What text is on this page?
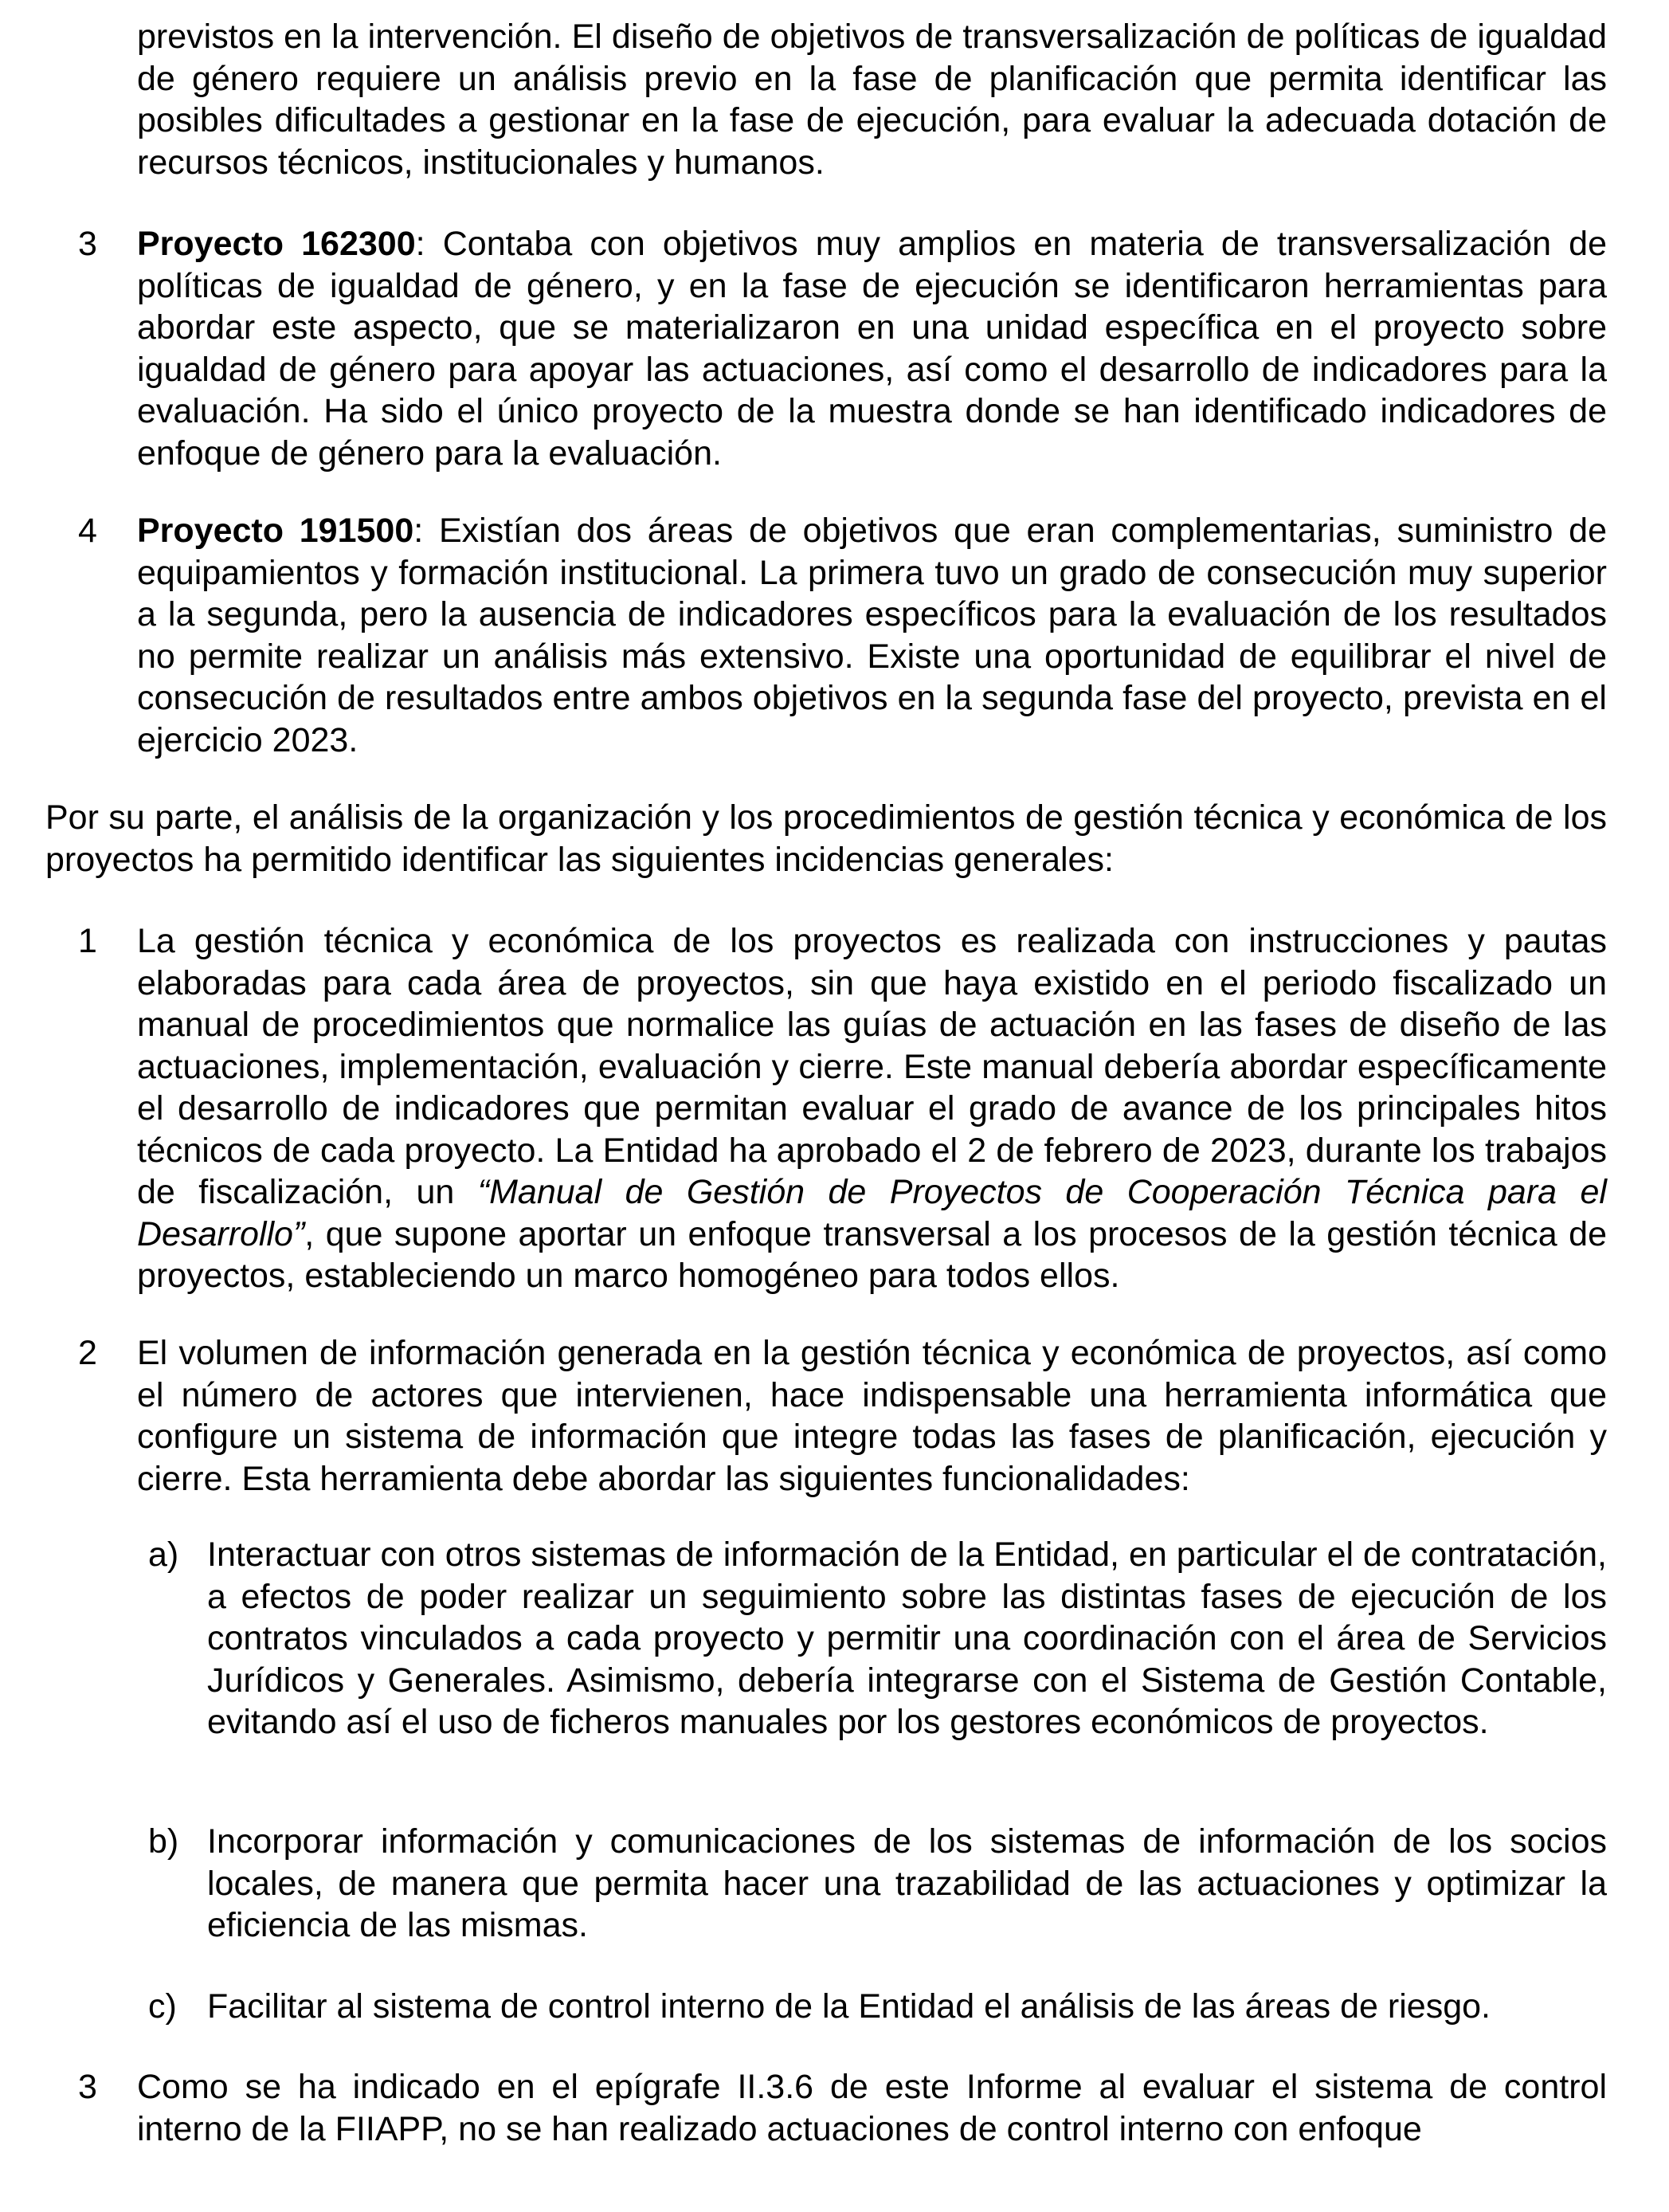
previstos en la intervención. El diseño de objetivos de transversalización de políticas de igualdad de género requiere un análisis previo en la fase de planificación que permita identificar las posibles dificultades a gestionar en la fase de ejecución, para evaluar la adecuada dotación de recursos técnicos, institucionales y humanos.
3 Proyecto 162300: Contaba con objetivos muy amplios en materia de transversalización de políticas de igualdad de género, y en la fase de ejecución se identificaron herramientas para abordar este aspecto, que se materializaron en una unidad específica en el proyecto sobre igualdad de género para apoyar las actuaciones, así como el desarrollo de indicadores para la evaluación. Ha sido el único proyecto de la muestra donde se han identificado indicadores de enfoque de género para la evaluación.
4 Proyecto 191500: Existían dos áreas de objetivos que eran complementarias, suministro de equipamientos y formación institucional. La primera tuvo un grado de consecución muy superior a la segunda, pero la ausencia de indicadores específicos para la evaluación de los resultados no permite realizar un análisis más extensivo. Existe una oportunidad de equilibrar el nivel de consecución de resultados entre ambos objetivos en la segunda fase del proyecto, prevista en el ejercicio 2023.
Por su parte, el análisis de la organización y los procedimientos de gestión técnica y económica de los proyectos ha permitido identificar las siguientes incidencias generales:
1 La gestión técnica y económica de los proyectos es realizada con instrucciones y pautas elaboradas para cada área de proyectos, sin que haya existido en el periodo fiscalizado un manual de procedimientos que normalice las guías de actuación en las fases de diseño de las actuaciones, implementación, evaluación y cierre. Este manual debería abordar específicamente el desarrollo de indicadores que permitan evaluar el grado de avance de los principales hitos técnicos de cada proyecto. La Entidad ha aprobado el 2 de febrero de 2023, durante los trabajos de fiscalización, un “Manual de Gestión de Proyectos de Cooperación Técnica para el Desarrollo”, que supone aportar un enfoque transversal a los procesos de la gestión técnica de proyectos, estableciendo un marco homogéneo para todos ellos.
2 El volumen de información generada en la gestión técnica y económica de proyectos, así como el número de actores que intervienen, hace indispensable una herramienta informática que configure un sistema de información que integre todas las fases de planificación, ejecución y cierre. Esta herramienta debe abordar las siguientes funcionalidades:
a) Interactuar con otros sistemas de información de la Entidad, en particular el de contratación, a efectos de poder realizar un seguimiento sobre las distintas fases de ejecución de los contratos vinculados a cada proyecto y permitir una coordinación con el área de Servicios Jurídicos y Generales. Asimismo, debería integrarse con el Sistema de Gestión Contable, evitando así el uso de ficheros manuales por los gestores económicos de proyectos.
b) Incorporar información y comunicaciones de los sistemas de información de los socios locales, de manera que permita hacer una trazabilidad de las actuaciones y optimizar la eficiencia de las mismas.
c) Facilitar al sistema de control interno de la Entidad el análisis de las áreas de riesgo.
3 Como se ha indicado en el epígrafe II.3.6 de este Informe al evaluar el sistema de control interno de la FIIAPP, no se han realizado actuaciones de control interno con enfoque
